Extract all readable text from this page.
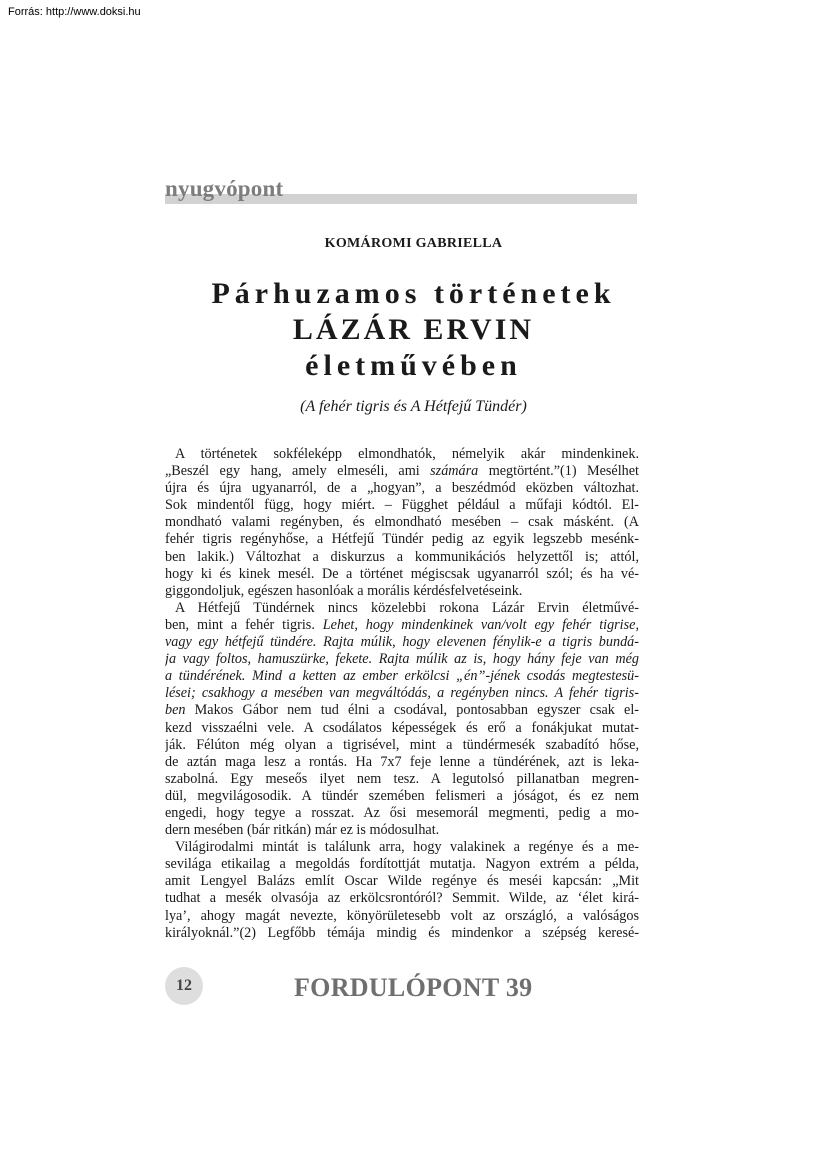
Forrás: http://www.doksi.hu
nyugvópont
KOMÁROMI GABRIELLA
Párhuzamos történetek
LÁZÁR ERVIN
életművében
(A fehér tigris és A Hétfejű Tündér)
A történetek sokféleképp elmondhatók, némelyik akár mindenkinek.
„Beszél egy hang, amely elmeséli, ami számára megtörtént.”(1) Mesélhet
újra és újra ugyanarról, de a „hogyan”, a beszédmód eközben változhat.
Sok mindentől függ, hogy miért. – Függhet például a műfaji kódtól. El-
mondható valami regényben, és elmondható mesében – csak másként. (A
fehér tigris regényhőse, a Hétfejű Tündér pedig az egyik legszebb mesénk-
ben lakik.) Változhat a diskurzus a kommunikációs helyzettől is; attól,
hogy ki és kinek mesél. De a történet mégiscsak ugyanarról szól; és ha vé-
giggondoljuk, egészen hasonlóak a morális kérdésfelvetéseink.
A Hétfejű Tündérnek nincs közelebbi rokona Lázár Ervin életművé-
ben, mint a fehér tigris. Lehet, hogy mindenkinek van/volt egy fehér tigrise,
vagy egy hétfejű tündére. Rajta múlik, hogy elevenen fénylik-e a tigris bundá-
ja vagy foltos, hamuszürke, fekete. Rajta múlik az is, hogy hány feje van még
a tündérének. Mind a ketten az ember erkölcsi „én”-jének csodás megtestesü-
lései; csakhogy a mesében van megváltódás, a regényben nincs. A fehér tigris-
ben Makos Gábor nem tud élni a csodával, pontosabban egyszer csak el-
kezd visszaélni vele. A csodálatos képességek és erő a fonákjukat mutat-
ják. Félúton még olyan a tigrisével, mint a tündérmesék szabadító hőse,
de aztán maga lesz a rontás. Ha 7x7 feje lenne a tündérének, azt is leka-
szabolná. Egy meseős ilyet nem tesz. A legutolsó pillanatban megren-
dül, megvilágosodik. A tündér szemében felismeri a jóságot, és ez nem
engedi, hogy tegye a rosszat. Az ősi mesemorál megmenti, pedig a mo-
dern mesében (bár ritkán) már ez is módosulhat.
Világirodalmi mintát is találunk arra, hogy valakinek a regénye és a me-
sevilága etikailag a megoldás fordítottját mutatja. Nagyon extrém a példa,
amit Lengyel Balázs említ Oscar Wilde regénye és meséi kapcsán: „Mit
tudhat a mesék olvasója az erkölcsrontóról? Semmit. Wilde, az ‘élet kirá-
lya’, ahogy magát nevezte, könyörületesebb volt az országló, a valóságos
királyoknál.”(2) Legfőbb témája mindig és mindenkor a szépség keresé-
12	FORDULÓPONT 39
